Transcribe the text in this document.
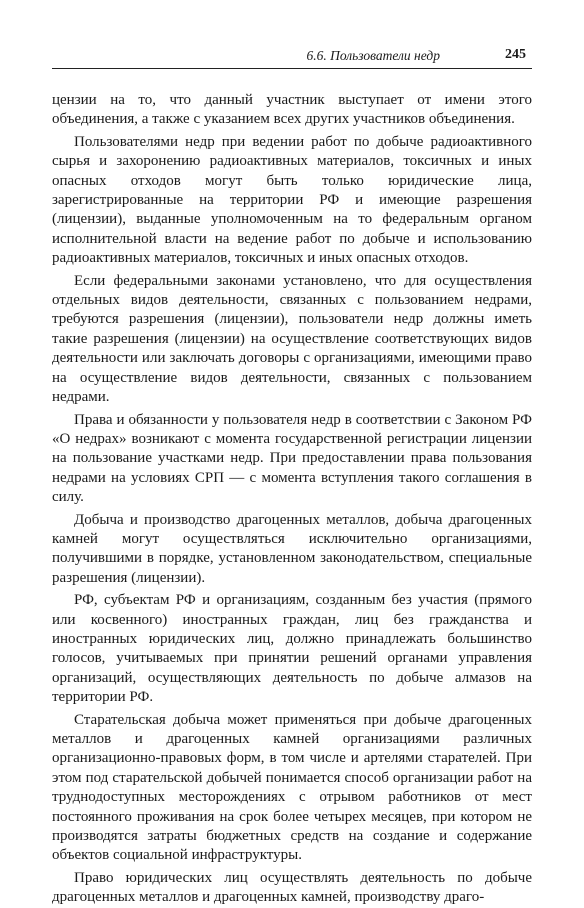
6.6. Пользователи недр	245

цензии на то, что данный участник выступает от имени этого объединения, а также с указанием всех других участников объединения.

Пользователями недр при ведении работ по добыче радиоактивного сырья и захоронению радиоактивных материалов, токсичных и иных опасных отходов могут быть только юридические лица, зарегистрированные на территории РФ и имеющие разрешения (лицензии), выданные уполномоченным на то федеральным органом исполнительной власти на ведение работ по добыче и использованию радиоактивных материалов, токсичных и иных опасных отходов.

Если федеральными законами установлено, что для осуществления отдельных видов деятельности, связанных с пользованием недрами, требуются разрешения (лицензии), пользователи недр должны иметь такие разрешения (лицензии) на осуществление соответствующих видов деятельности или заключать договоры с организациями, имеющими право на осуществление видов деятельности, связанных с пользованием недрами.

Права и обязанности у пользователя недр в соответствии с Законом РФ «О недрах» возникают с момента государственной регистрации лицензии на пользование участками недр. При предоставлении права пользования недрами на условиях СРП — с момента вступления такого соглашения в силу.

Добыча и производство драгоценных металлов, добыча драгоценных камней могут осуществляться исключительно организациями, получившими в порядке, установленном законодательством, специальные разрешения (лицензии).

РФ, субъектам РФ и организациям, созданным без участия (прямого или косвенного) иностранных граждан, лиц без гражданства и иностранных юридических лиц, должно принадлежать большинство голосов, учитываемых при принятии решений органами управления организаций, осуществляющих деятельность по добыче алмазов на территории РФ.

Старательская добыча может применяться при добыче драгоценных металлов и драгоценных камней организациями различных организационно-правовых форм, в том числе и артелями старателей. При этом под старательской добычей понимается способ организации работ на труднодоступных месторождениях с отрывом работников от мест постоянного проживания на срок более четырех месяцев, при котором не производятся затраты бюджетных средств на создание и содержание объектов социальной инфраструктуры.

Право юридических лиц осуществлять деятельность по добыче драгоценных металлов и драгоценных камней, производству драго-
